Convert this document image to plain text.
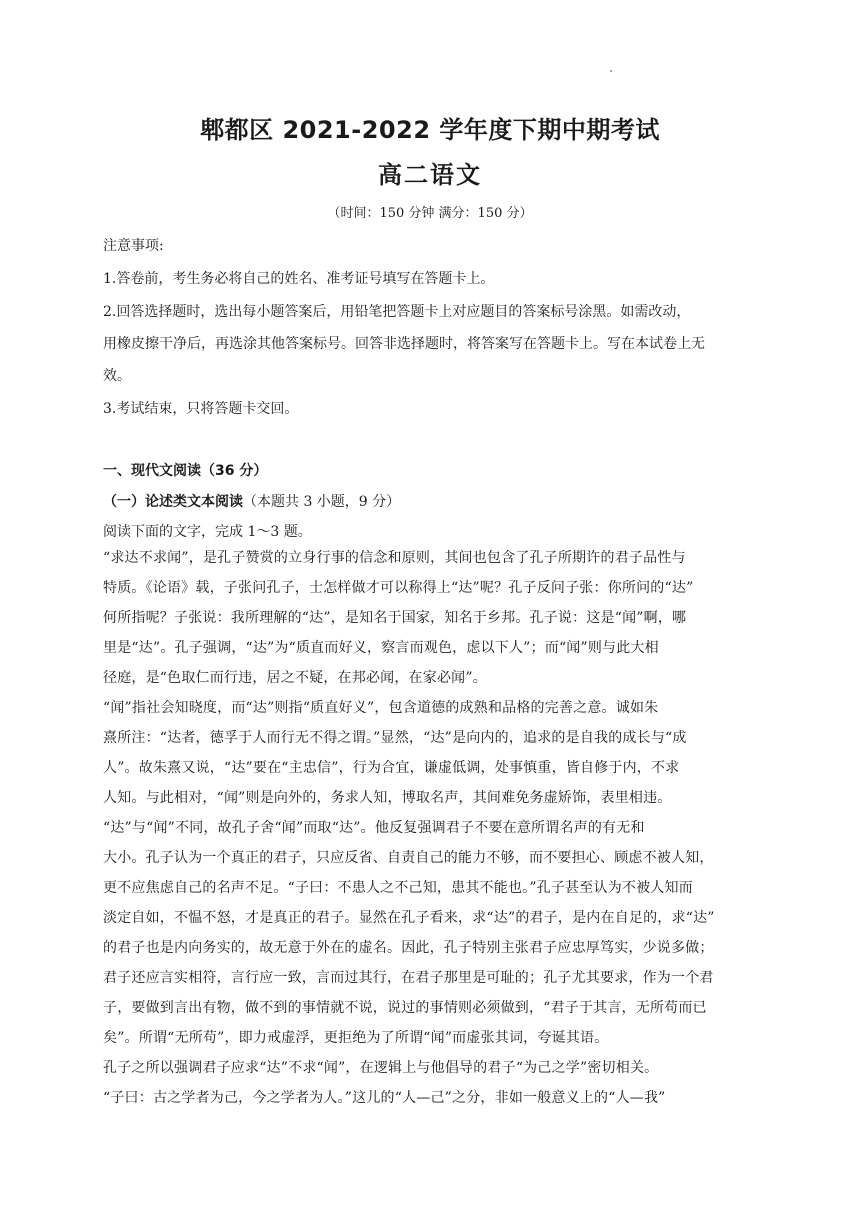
郫都区 2021-2022 学年度下期中期考试
高二语文
（时间：150 分钟 满分：150 分）

注意事项:

1.答卷前，考生务必将自己的姓名、准考证号填写在答题卡上。

2.回答选择题时，选出每小题答案后，用铅笔把答题卡上对应题目的答案标号涂黑。如需改动，

用橡皮擦干净后，再选涂其他答案标号。回答非选择题时，将答案写在答题卡上。写在本试卷上无

效。

3.考试结束，只将答题卡交回。

一、现代文阅读（36 分）

（一）论述类文本阅读（本题共 3 小题，9 分）

阅读下面的文字，完成 1～3 题。

“求达不求闻”，是孔子赞赏的立身行事的信念和原则，其间也包含了孔子所期许的君子品性与

特质。《论语》载，子张问孔子，士怎样做才可以称得上“达”呢？孔子反问子张：你所问的“达”

何所指呢？子张说：我所理解的“达”，是知名于国家，知名于乡邦。孔子说：这是“闻”啊，哪

里是“达”。孔子强调，“达”为“质直而好义，察言而观色，虑以下人”；而“闻”则与此大相

径庭，是“色取仁而行违，居之不疑，在邦必闻，在家必闻”。

“闻”指社会知晓度，而“达”则指“质直好义”，包含道德的成熟和品格的完善之意。诚如朱

熹所注：“达者，德孚于人而行无不得之谓。”显然，“达”是向内的，追求的是自我的成长与“成

人”。故朱熹又说，“达”要在“主忠信”，行为合宜，谦虚低调，处事慎重，皆自修于内，不求

人知。与此相对，“闻”则是向外的，务求人知，博取名声，其间难免务虚矫饰，表里相违。

“达”与“闻”不同，故孔子舍“闻”而取“达”。他反复强调君子不要在意所谓名声的有无和

大小。孔子认为一个真正的君子，只应反省、自责自己的能力不够，而不要担心、顾虑不被人知，

更不应焦虑自己的名声不足。“子曰：不患人之不己知，患其不能也。”孔子甚至认为不被人知而

淡定自如，不愠不怒，才是真正的君子。显然在孔子看来，求“达”的君子，是内在自足的，求“达”

的君子也是内向务实的，故无意于外在的虚名。因此，孔子特别主张君子应忠厚笃实，少说多做；

君子还应言实相符，言行应一致，言而过其行，在君子那里是可耻的；孔子尤其要求，作为一个君

子，要做到言出有物，做不到的事情就不说，说过的事情则必须做到，“君子于其言，无所苟而已

矣”。所谓“无所苟”，即力戒虚浮，更拒绝为了所谓“闻”而虚张其词，夸诞其语。

孔子之所以强调君子应求“达”不求“闻”，在逻辑上与他倡导的君子“为己之学”密切相关。

“子曰：古之学者为己，今之学者为人。”这儿的“人—己”之分，非如一般意义上的“人—我”
